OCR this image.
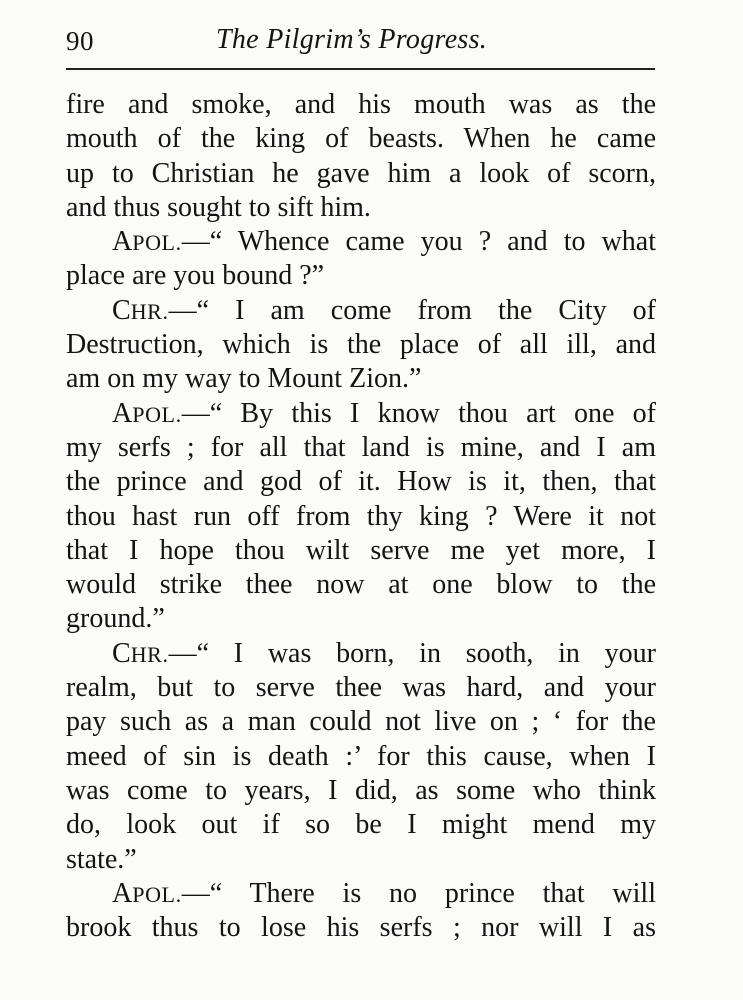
90	The Pilgrim’s Progress.
fire and smoke, and his mouth was as the
mouth of the king of beasts. When he came
up to Christian he gave him a look of scorn,
and thus sought to sift him.
APOL.—“ Whence came you ? and to what
place are you bound ?”
CHR.—“ I am come from the City of
Destruction, which is the place of all ill, and
am on my way to Mount Zion.”
APOL.—“ By this I know thou art one of
my serfs ; for all that land is mine, and I am
the prince and god of it. How is it, then, that
thou hast run off from thy king ? Were it not
that I hope thou wilt serve me yet more, I
would strike thee now at one blow to the
ground.”
CHR.—“ I was born, in sooth, in your
realm, but to serve thee was hard, and your
pay such as a man could not live on ; ‘ for the
meed of sin is death :’ for this cause, when I
was come to years, I did, as some who think
do, look out if so be I might mend my
state.”
APOL.—“ There is no prince that will
brook thus to lose his serfs ; nor will I as
